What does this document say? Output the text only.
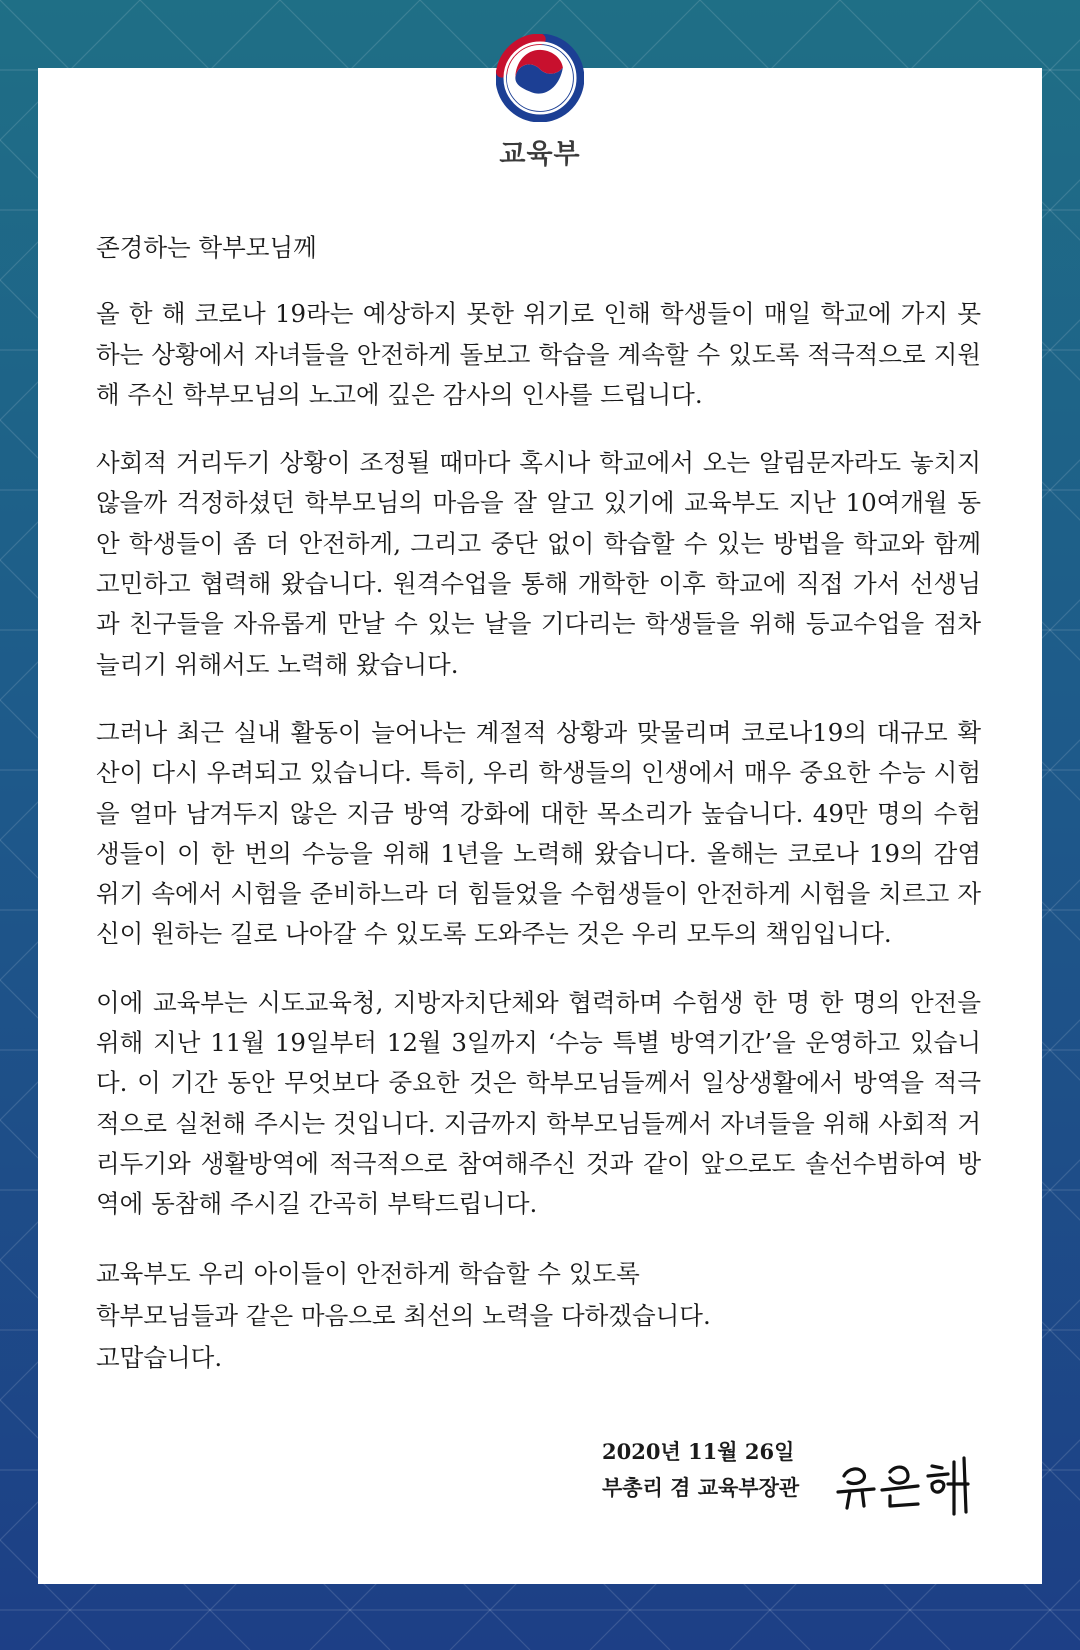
교육부

존경하는 학부모님께

올 한 해 코로나 19라는 예상하지 못한 위기로 인해 학생들이 매일 학교에 가지 못하는 상황에서 자녀들을 안전하게 돌보고 학습을 계속할 수 있도록 적극적으로 지원해 주신 학부모님의 노고에 깊은 감사의 인사를 드립니다.

사회적 거리두기 상황이 조정될 때마다 혹시나 학교에서 오는 알림문자라도 놓치지 않을까 걱정하셨던 학부모님의 마음을 잘 알고 있기에 교육부도 지난 10여개월 동안 학생들이 좀 더 안전하게, 그리고 중단 없이 학습할 수 있는 방법을 학교와 함께 고민하고 협력해 왔습니다. 원격수업을 통해 개학한 이후 학교에 직접 가서 선생님과 친구들을 자유롭게 만날 수 있는 날을 기다리는 학생들을 위해 등교수업을 점차 늘리기 위해서도 노력해 왔습니다.

그러나 최근 실내 활동이 늘어나는 계절적 상황과 맞물리며 코로나19의 대규모 확산이 다시 우려되고 있습니다. 특히, 우리 학생들의 인생에서 매우 중요한 수능 시험을 얼마 남겨두지 않은 지금 방역 강화에 대한 목소리가 높습니다. 49만 명의 수험생들이 이 한 번의 수능을 위해 1년을 노력해 왔습니다. 올해는 코로나 19의 감염 위기 속에서 시험을 준비하느라 더 힘들었을 수험생들이 안전하게 시험을 치르고 자신이 원하는 길로 나아갈 수 있도록 도와주는 것은 우리 모두의 책임입니다.

이에 교육부는 시도교육청, 지방자치단체와 협력하며 수험생 한 명 한 명의 안전을 위해 지난 11월 19일부터 12월 3일까지 ‘수능 특별 방역기간’을 운영하고 있습니다. 이 기간 동안 무엇보다 중요한 것은 학부모님들께서 일상생활에서 방역을 적극적으로 실천해 주시는 것입니다. 지금까지 학부모님들께서 자녀들을 위해 사회적 거리두기와 생활방역에 적극적으로 참여해주신 것과 같이 앞으로도 솔선수범하여 방역에 동참해 주시길 간곡히 부탁드립니다.

교육부도 우리 아이들이 안전하게 학습할 수 있도록
학부모님들과 같은 마음으로 최선의 노력을 다하겠습니다.
고맙습니다.
2020년 11월 26일
부총리 겸 교육부장관
